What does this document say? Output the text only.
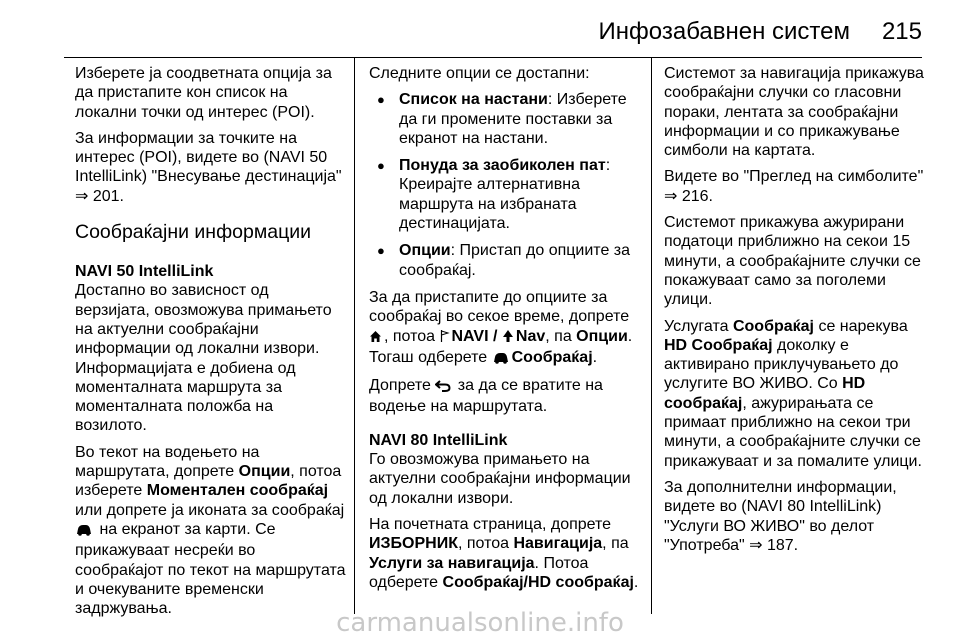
Инфозабавнен систем 215

Изберете ја соодветната опција за да пристапите кон список на локални точки од интерес (POI).

За информации за точките на интерес (POI), видете во (NAVI 50 IntelliLink) "Внесување дестинација" ⇒ 201.

Сообраќајни информации

NAVI 50 IntelliLink
Достапно во зависност од верзијата, овозможува примањето на актуелни сообраќајни информации од локални извори. Информацијата е добиена од моменталната маршрута за моменталната положба на возилото.

Во текот на водењето на маршрутата, допрете Опции, потоа изберете Моментален сообраќај или допрете ја иконата за сообраќај  на екранот за карти. Се прикажуваат несреќи во сообраќајот по текот на маршрутата и очекуваните временски задржувања.

Следните опции се достапни:

● Список на настани: Изберете да ги промените поставки за екранот на настани.
● Понуда за заобиколен пат: Креирајте алтернативна маршрута на избраната дестинацијата.
● Опции: Пристап до опциите за сообраќај.

За да пристапите до опциите за сообраќај во секое време, допрете , потоа NAVI / Nav, па Опции. Тогаш одберете Сообраќај.

Допрете за да се вратите на водење на маршрутата.

NAVI 80 IntelliLink
Го овозможува примањето на актуелни сообраќајни информации од локални извори.

На почетната страница, допрете ИЗБОРНИК, потоа Навигација, па Услуги за навигација. Потоа одберете Сообраќај/HD сообраќај.

Системот за навигација прикажува сообраќајни случки со гласовни пораки, лентата за сообраќајни информации и со прикажување симболи на картата.

Видете во "Преглед на симболите" ⇒ 216.

Системот прикажува ажурирани податоци приближно на секои 15 минути, а сообраќајните случки се покажуваат само за поголеми улици.

Услугата Сообраќај се нарекува HD Сообраќај доколку е активирано приклучувањето до услугите ВО ЖИВО. Со HD сообраќај, ажурирањата се примаат приближно на секои три минути, а сообраќајните случки се прикажуваат и за помалите улици.

За дополнителни информации, видете во (NAVI 80 IntelliLink) "Услуги ВО ЖИВО" во делот "Употреба" ⇒ 187.

carmanualsonline.info
